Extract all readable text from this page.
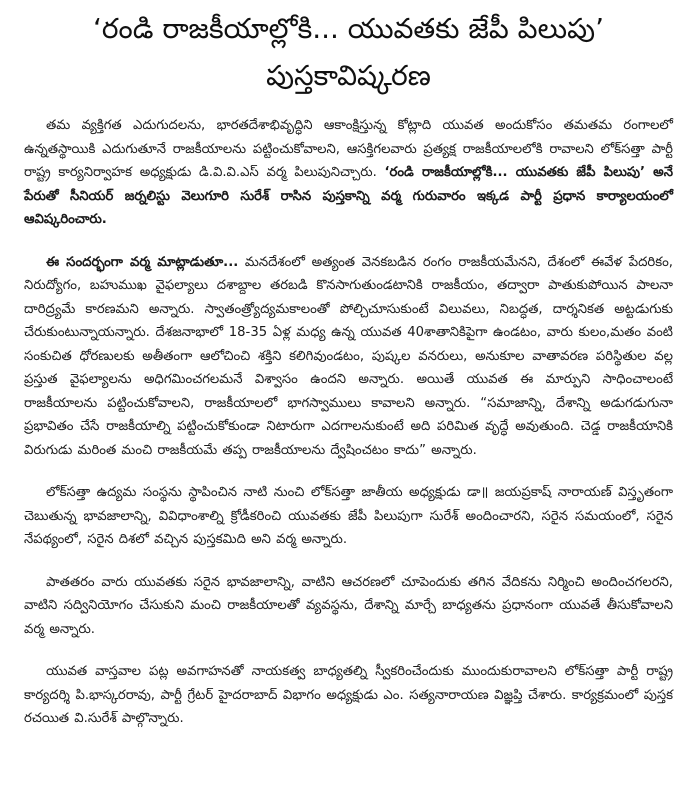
‘రండి రాజకీయాల్లోకి... యువతకు జేపీ పిలుపు’
పుస్తకావిష్కరణ

తమ వ్యక్తిగత ఎదుగుదలను, భారతదేశాభివృద్ధిని ఆకాంక్షిస్తున్న కోట్లాది యువత అందుకోసం తమతమ రంగాలలో ఉన్నతస్థాయికి ఎదుగుతూనే రాజకీయాలను పట్టించుకోవాలని, ఆసక్తిగలవారు ప్రత్యక్ష రాజకీయాలలోకి రావాలని లోక్‌సత్తా పార్టీ రాష్ట్ర కార్యనిర్వాహక అధ్యక్షుడు డి.వి.వి.ఎస్ వర్మ పిలుపునిచ్చారు. ‘రండి రాజకీయాల్లోకి... యువతకు జేపీ పిలుపు’ అనే పేరుతో సీనియర్ జర్నలిస్టు వెలుగూరి సురేశ్ రాసిన పుస్తకాన్ని వర్మ గురువారం ఇక్కడ పార్టీ ప్రధాన కార్యాలయంలో ఆవిష్కరించారు.

ఈ సందర్భంగా వర్మ మాట్లాడుతూ... మనదేశంలో అత్యంత వెనకబడిన రంగం రాజకీయమేనని, దేశంలో ఈవేళ పేదరికం, నిరుద్యోగం, బహుముఖ వైఫల్యాలు దశాబ్దాల తరబడి కొనసాగుతుండటానికి రాజకీయం, తద్వారా పాతుకుపోయిన పాలనా దారిద్ర్యమే కారణమని అన్నారు. స్వాతంత్ర్యోద్యమకాలంతో పోల్చిచూసుకుంటే విలువలు, నిబద్ధత, దార్శనికత అట్టడుగుకు చేరుకుంటున్నాయన్నారు. దేశజనాభాలో 18-35 ఏళ్ల మధ్య ఉన్న యువత 40శాతానికిపైగా ఉండటం, వారు కులం,మతం వంటి సంకుచిత ధోరణులకు అతీతంగా ఆలోచించి శక్తిని కలిగివుండటం, పుష్కల వనరులు, అనుకూల వాతావరణ పరిస్థితుల వల్ల ప్రస్తుత వైఫల్యాలను అధిగమించగలమనే విశ్వాసం ఉందని అన్నారు. అయితే యువత ఈ మార్పుని సాధించాలంటే రాజకీయాలను పట్టించుకోవాలని, రాజకీయాలలో భాగస్వాములు కావాలని అన్నారు. “సమాజాన్ని, దేశాన్ని అడుగడుగునా ప్రభావితం చేసే రాజకీయాల్ని పట్టించుకోకుండా నిటారుగా ఎదగాలనుకుంటే అది పరిమిత వృద్ధే అవుతుంది. చెడ్డ రాజకీయానికి విరుగుడు మరింత మంచి రాజకీయమే తప్ప రాజకీయాలను ద్వేషించటం కాదు” అన్నారు.

లోక్‌సత్తా ఉద్యమ సంస్థను స్థాపించిన నాటి నుంచి లోక్‌సత్తా జాతీయ అధ్యక్షుడు డా॥ జయప్రకాష్ నారాయణ్ విస్తృతంగా చెబుతున్న భావజాలాన్ని, వివిధాంశాల్ని క్రోడీకరించి యువతకు జేపీ పిలుపుగా సురేశ్ అందించారని, సరైన సమయంలో, సరైన నేపథ్యంలో, సరైన దిశలో వచ్చిన పుస్తకమిది అని వర్మ అన్నారు.

పాతతరం వారు యువతకు సరైన భావజాలాన్ని, వాటిని ఆచరణలో చూపెందుకు తగిన వేదికను నిర్మించి అందించగలరని, వాటిని సద్వినియోగం చేసుకుని మంచి రాజకీయాలతో వ్యవస్థను, దేశాన్ని మార్చే బాధ్యతను ప్రధానంగా యువతే తీసుకోవాలని వర్మ అన్నారు.

యువత వాస్తవాల పట్ల అవగాహనతో నాయకత్వ బాధ్యతల్ని స్వీకరించేందుకు ముందుకురావాలని లోక్‌సత్తా పార్టీ రాష్ట్ర కార్యదర్శి పి.భాస్కరరావు, పార్టీ గ్రేటర్ హైదరాబాద్ విభాగం అధ్యక్షుడు ఎం. సత్యనారాయణ విజ్ఞప్తి చేశారు. కార్యక్రమంలో పుస్తక రచయిత వి.సురేశ్ పాల్గొన్నారు.
